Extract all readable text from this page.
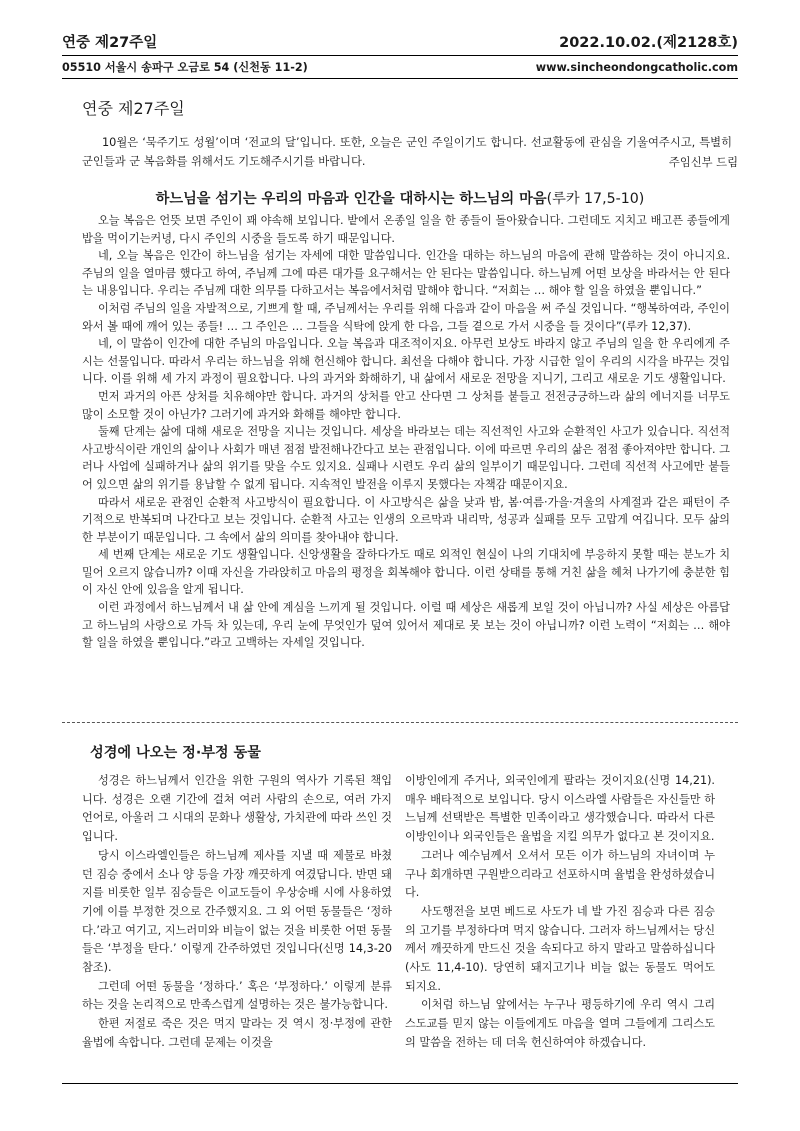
연중 제27주일	2022.10.02.(제2128호)
05510 서울시 송파구 오금로 54 (신천동 11-2)	www.sincheondongcatholic.com
연중 제27주일
10월은 ‘묵주기도 성월’이며 ‘전교의 달’입니다. 또한, 오늘은 군인 주일이기도 합니다. 선교활동에 관심을 기울여주시고, 특별히 군인들과 군 복음화를 위해서도 기도해주시기를 바랍니다.	주임신부 드림
하느님을 섬기는 우리의 마음과 인간을 대하시는 하느님의 마음(루카 17,5-10)

오늘 복음은 언뜻 보면 주인이 꽤 야속해 보입니다. 밭에서 온종일 일을 한 종들이 돌아왔습니다. 그런데도 지치고 배고픈 종들에게 밥을 먹이기는커녕, 다시 주인의 시중을 들도록 하기 때문입니다.

네, 오늘 복음은 인간이 하느님을 섬기는 자세에 대한 말씀입니다. 인간을 대하는 하느님의 마음에 관해 말씀하는 것이 아니지요. 주님의 일을 열마큼 했다고 하여, 주님께 그에 따른 대가를 요구해서는 안 된다는 말씀입니다. 하느님께 어떤 보상을 바라서는 안 된다는 내용입니다. 우리는 주님께 대한 의무를 다하고서는 복음에서처럼 말해야 합니다. “저희는 … 해야 할 일을 하였을 뿐입니다.”

이처럼 주님의 일을 자발적으로, 기쁘게 할 때, 주님께서는 우리를 위해 다음과 같이 마음을 써 주실 것입니다. “행복하여라, 주인이 와서 볼 때에 깨어 있는 종들! … 그 주인은 … 그들을 식탁에 앉게 한 다음, 그들 곁으로 가서 시중을 들 것이다”(루카 12,37).

네, 이 말씀이 인간에 대한 주님의 마음입니다. 오늘 복음과 대조적이지요. 아무런 보상도 바라지 않고 주님의 일을 한 우리에게 주시는 선물입니다. 따라서 우리는 하느님을 위해 헌신해야 합니다. 최선을 다해야 합니다. 가장 시급한 일이 우리의 시각을 바꾸는 것입니다. 이를 위해 세 가지 과정이 필요합니다. 나의 과거와 화해하기, 내 삶에서 새로운 전망을 지니기, 그리고 새로운 기도 생활입니다.

먼저 과거의 아픈 상처를 치유해야만 합니다. 과거의 상처를 안고 산다면 그 상처를 붙들고 전전긍긍하느라 삶의 에너지를 너무도 많이 소모할 것이 아닌가? 그러기에 과거와 화해를 해야만 합니다.

둘째 단계는 삶에 대해 새로운 전망을 지니는 것입니다. 세상을 바라보는 데는 직선적인 사고와 순환적인 사고가 있습니다. 직선적 사고방식이란 개인의 삶이나 사회가 매년 점점 발전해나간다고 보는 관점입니다. 이에 따르면 우리의 삶은 점점 좋아져야만 합니다. 그러나 사업에 실패하거나 삶의 위기를 맞을 수도 있지요. 실패나 시련도 우리 삶의 일부이기 때문입니다. 그런데 직선적 사고에만 붙들어 있으면 삶의 위기를 용납할 수 없게 됩니다. 지속적인 발전을 이루지 못했다는 자책감 때문이지요.

따라서 새로운 관점인 순환적 사고방식이 필요합니다. 이 사고방식은 삶을 낮과 밤, 봄·여름·가을·겨울의 사계절과 같은 패턴이 주기적으로 반복되며 나간다고 보는 것입니다. 순환적 사고는 인생의 오르막과 내리막, 성공과 실패를 모두 고맙게 여깁니다. 모두 삶의 한 부분이기 때문입니다. 그 속에서 삶의 의미를 찾아내야 합니다.

세 번째 단계는 새로운 기도 생활입니다. 신앙생활을 잘하다가도 때로 외적인 현실이 나의 기대치에 부응하지 못할 때는 분노가 치밀어 오르지 않습니까? 이때 자신을 가라앉히고 마음의 평정을 회복해야 합니다. 이런 상태를 통해 거친 삶을 헤쳐 나가기에 충분한 힘이 자신 안에 있음을 알게 됩니다.

이런 과정에서 하느님께서 내 삶 안에 계심을 느끼게 될 것입니다. 이럴 때 세상은 새롭게 보일 것이 아닙니까? 사실 세상은 아름답고 하느님의 사랑으로 가득 차 있는데, 우리 눈에 무엇인가 덮여 있어서 제대로 못 보는 것이 아닙니까? 이런 노력이 “저희는 … 해야 할 일을 하였을 뿐입니다.”라고 고백하는 자세일 것입니다.

성경에 나오는 정·부정 동물

성경은 하느님께서 인간을 위한 구원의 역사가 기록된 책입니다. 성경은 오랜 기간에 걸쳐 여러 사람의 손으로, 여러 가지 언어로, 아울러 그 시대의 문화나 생활상, 가치관에 따라 쓰인 것입니다.

당시 이스라엘인들은 하느님께 제사를 지낼 때 제물로 바쳤던 짐승 중에서 소나 양 등을 가장 깨끗하게 여겼답니다. 반면 돼지를 비롯한 일부 짐승들은 이교도들이 우상숭배 시에 사용하였기에 이를 부정한 것으로 간주했지요. 그 외 어떤 동물들은 ‘정하다.’라고 여기고, 지느러미와 비늘이 없는 것을 비롯한 어떤 동물들은 ‘부정을 탄다.’ 이렇게 간주하였던 것입니다(신명 14,3-20 참조).

그런데 어떤 동물을 ‘정하다.’ 혹은 ‘부정하다.’ 이렇게 분류하는 것을 논리적으로 만족스럽게 설명하는 것은 불가능합니다.

한편 저절로 죽은 것은 먹지 말라는 것 역시 정·부정에 관한 율법에 속합니다. 그런데 문제는 이것을

이방인에게 주거나, 외국인에게 팔라는 것이지요(신명 14,21). 매우 배타적으로 보입니다. 당시 이스라엘 사람들은 자신들만 하느님께 선택받은 특별한 민족이라고 생각했습니다. 따라서 다른 이방인이나 외국인들은 율법을 지킬 의무가 없다고 본 것이지요.

그러나 예수님께서 오셔서 모든 이가 하느님의 자녀이며 누구나 회개하면 구원받으리라고 선포하시며 율법을 완성하셨습니다.

사도행전을 보면 베드로 사도가 네 발 가진 짐승과 다른 짐승의 고기를 부정하다며 먹지 않습니다. 그러자 하느님께서는 당신께서 깨끗하게 만드신 것을 속되다고 하지 말라고 말씀하십니다(사도 11,4-10). 당연히 돼지고기나 비늘 없는 동물도 먹어도 되지요.

이처럼 하느님 앞에서는 누구나 평등하기에 우리 역시 그리스도교를 믿지 않는 이들에게도 마음을 열며 그들에게 그리스도의 말씀을 전하는 데 더욱 헌신하여야 하겠습니다.
